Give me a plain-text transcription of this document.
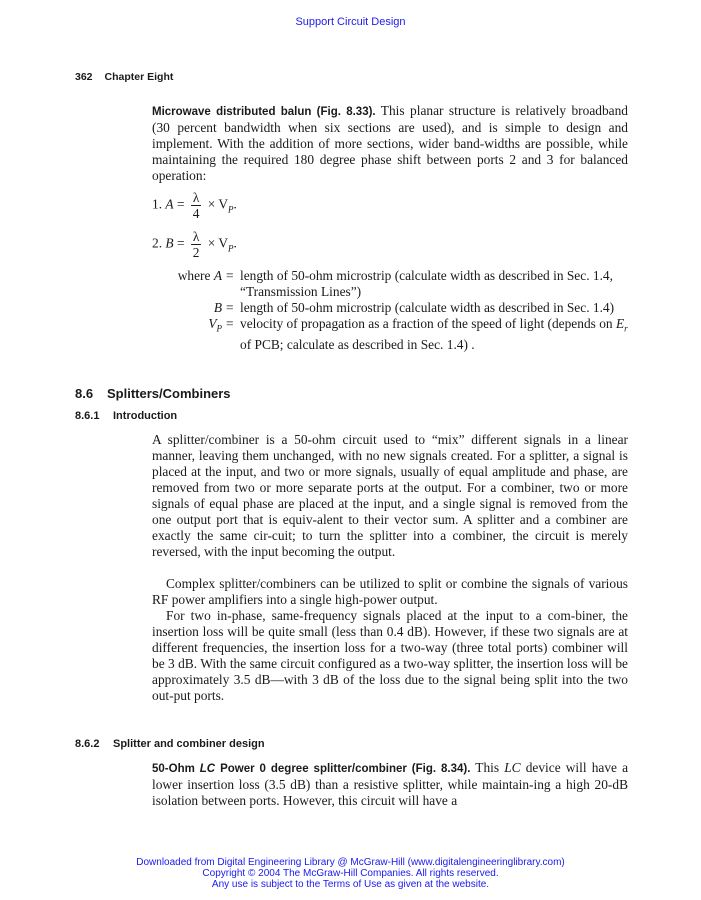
Support Circuit Design
362 Chapter Eight

Microwave distributed balun (Fig. 8.33). This planar structure is relatively broadband (30 percent bandwidth when six sections are used), and is simple to design and implement. With the addition of more sections, wider band-widths are possible, while maintaining the required 180 degree phase shift between ports 2 and 3 for balanced operation:

1. $A = \frac{\lambda}{4} \times V_P$.
2. $B = \frac{\lambda}{2} \times V_P$.
where A = length of 50-ohm microstrip (calculate width as described in Sec. 1.4, “Transmission Lines”)
B = length of 50-ohm microstrip (calculate width as described in Sec. 1.4)
$V_P$ = velocity of propagation as a fraction of the speed of light (depends on $E_r$ of PCB; calculate as described in Sec. 1.4) .
8.6 Splitters/Combiners
8.6.1 Introduction

A splitter/combiner is a 50-ohm circuit used to “mix” different signals in a linear manner, leaving them unchanged, with no new signals created. For a splitter, a signal is placed at the input, and two or more signals, usually of equal amplitude and phase, are removed from two or more separate ports at the output. For a combiner, two or more signals of equal phase are placed at the input, and a single signal is removed from the one output port that is equiv-alent to their vector sum. A splitter and a combiner are exactly the same cir-cuit; to turn the splitter into a combiner, the circuit is merely reversed, with the input becoming the output.

Complex splitter/combiners can be utilized to split or combine the signals of various RF power amplifiers into a single high-power output.

For two in-phase, same-frequency signals placed at the input to a com-biner, the insertion loss will be quite small (less than 0.4 dB). However, if these two signals are at different frequencies, the insertion loss for a two-way (three total ports) combiner will be 3 dB. With the same circuit configured as a two-way splitter, the insertion loss will be approximately 3.5 dB—with 3 dB of the loss due to the signal being split into the two out-put ports.

8.6.2 Splitter and combiner design

50-Ohm LC Power 0 degree splitter/combiner (Fig. 8.34). This LC device will have a lower insertion loss (3.5 dB) than a resistive splitter, while maintain-ing a high 20-dB isolation between ports. However, this circuit will have a

Downloaded from Digital Engineering Library @ McGraw-Hill (www.digitalengineeringlibrary.com)
Copyright © 2004 The McGraw-Hill Companies. All rights reserved.
Any use is subject to the Terms of Use as given at the website.
